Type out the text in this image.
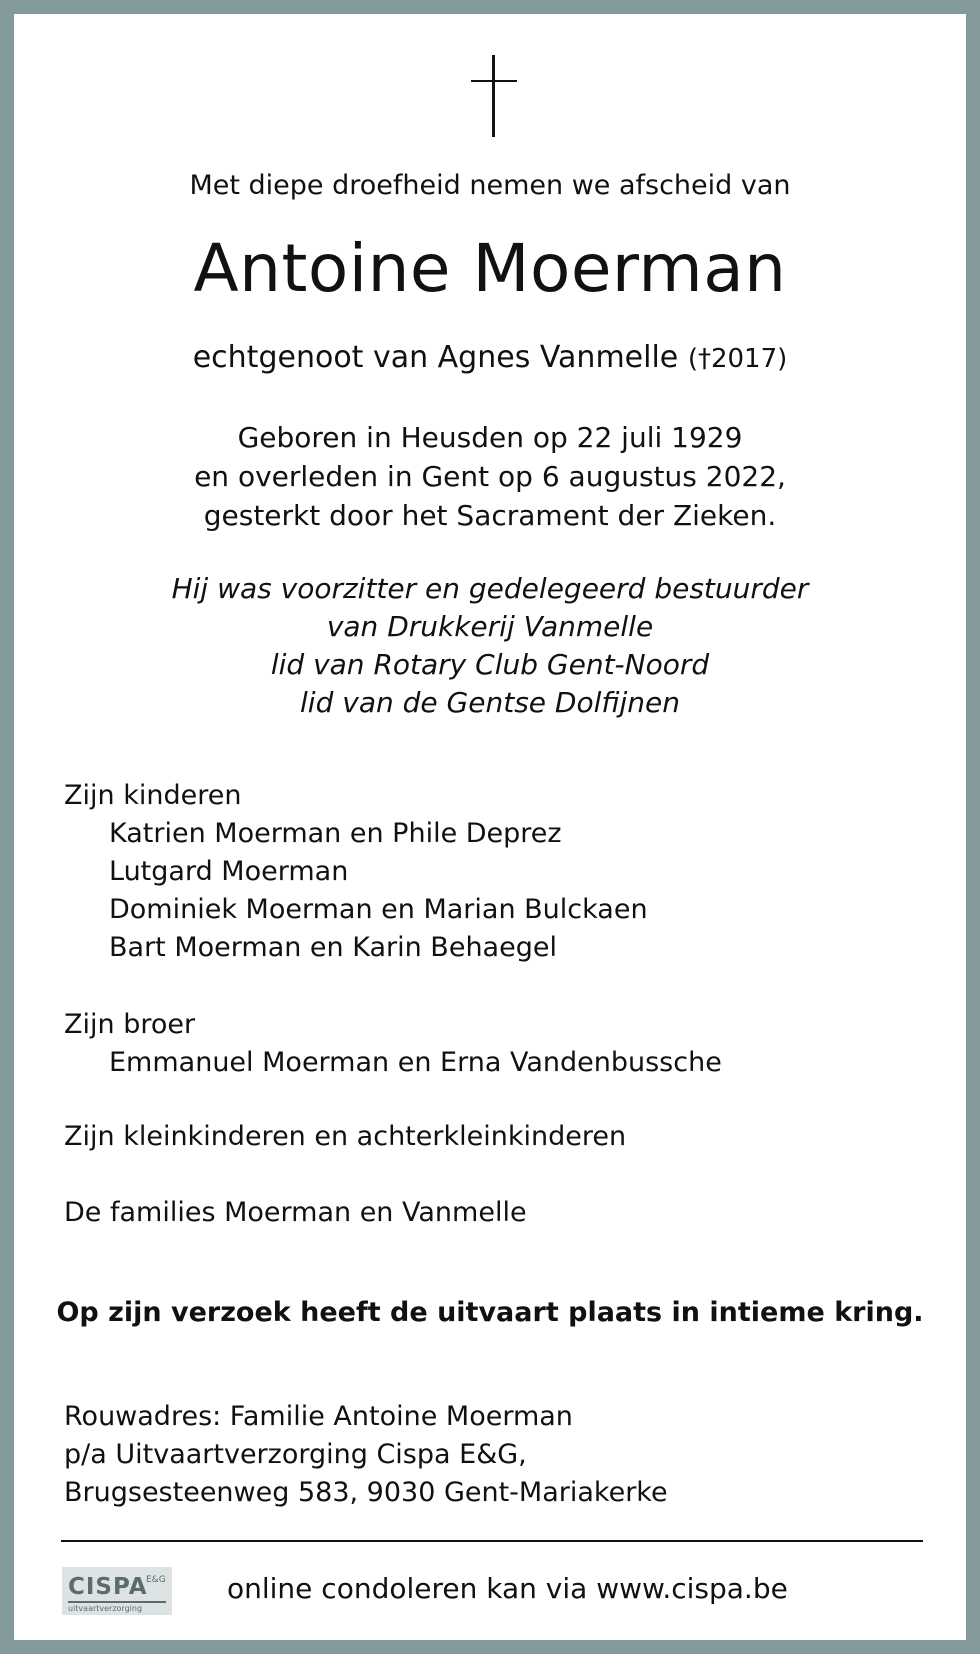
Met diepe droefheid nemen we afscheid van
Antoine Moerman
echtgenoot van Agnes Vanmelle (†2017)
Geboren in Heusden op 22 juli 1929
en overleden in Gent op 6 augustus 2022,
gesterkt door het Sacrament der Zieken.
Hij was voorzitter en gedelegeerd bestuurder
van Drukkerij Vanmelle
lid van Rotary Club Gent-Noord
lid van de Gentse Dolfijnen
Zijn kinderen
Katrien Moerman en Phile Deprez
Lutgard Moerman
Dominiek Moerman en Marian Bulckaen
Bart Moerman en Karin Behaegel
Zijn broer
Emmanuel Moerman en Erna Vandenbussche
Zijn kleinkinderen en achterkleinkinderen
De families Moerman en Vanmelle
Op zijn verzoek heeft de uitvaart plaats in intieme kring.
Rouwadres: Familie Antoine Moerman
p/a Uitvaartverzorging Cispa E&G,
Brugsesteenweg 583, 9030 Gent-Mariakerke
CISPA
E&G
uitvaartverzorging
online condoleren kan via www.cispa.be
